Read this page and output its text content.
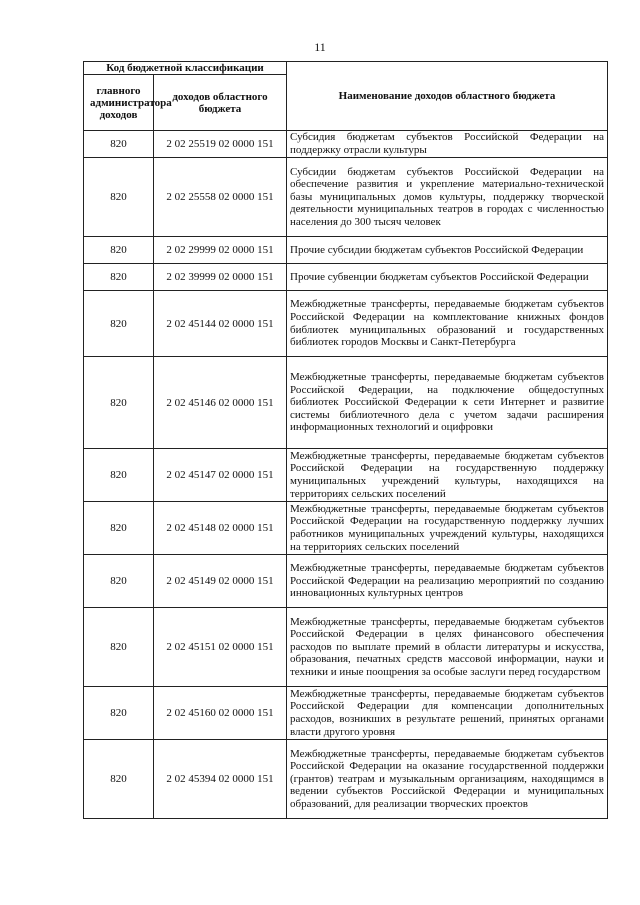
11
Код бюджетной классификации		Наименование доходов областного бюджета
главного администратора доходов	доходов областного бюджета	
820	2 02 25519 02 0000 151	Субсидия бюджетам субъектов Российской Федерации на поддержку отрасли культуры
820	2 02 25558 02 0000 151	Субсидии бюджетам субъектов Российской Федерации на обеспечение развития и укрепление материально-технической базы муниципальных домов культуры, поддержку творческой деятельности муниципальных театров в городах с численностью населения до 300 тысяч человек
820	2 02 29999 02 0000 151	Прочие субсидии бюджетам субъектов Российской Федерации
820	2 02 39999 02 0000 151	Прочие субвенции бюджетам субъектов Российской Федерации
820	2 02 45144 02 0000 151	Межбюджетные трансферты, передаваемые бюджетам субъектов Российской Федерации на комплектование книжных фондов библиотек муниципальных образований и государственных библиотек городов Москвы и Санкт-Петербурга
820	2 02 45146 02 0000 151	Межбюджетные трансферты, передаваемые бюджетам субъектов Российской Федерации, на подключение общедоступных библиотек Российской Федерации к сети Интернет и развитие системы библиотечного дела с учетом задачи расширения информационных технологий и оцифровки
820	2 02 45147 02 0000 151	Межбюджетные трансферты, передаваемые бюджетам субъектов Российской Федерации на государственную поддержку муниципальных учреждений культуры, находящихся на территориях сельских поселений
820	2 02 45148 02 0000 151	Межбюджетные трансферты, передаваемые бюджетам субъектов Российской Федерации на государственную поддержку лучших работников муниципальных учреждений культуры, находящихся на территориях сельских поселений
820	2 02 45149 02 0000 151	Межбюджетные трансферты, передаваемые бюджетам субъектов Российской Федерации на реализацию мероприятий по созданию инновационных культурных центров
820	2 02 45151 02 0000 151	Межбюджетные трансферты, передаваемые бюджетам субъектов Российской Федерации в целях финансового обеспечения расходов по выплате премий в области литературы и искусства, образования, печатных средств массовой информации, науки и техники и иные поощрения за особые заслуги перед государством
820	2 02 45160 02 0000 151	Межбюджетные трансферты, передаваемые бюджетам субъектов Российской Федерации для компенсации дополнительных расходов, возникших в результате решений, принятых органами власти другого уровня
820	2 02 45394 02 0000 151	Межбюджетные трансферты, передаваемые бюджетам субъектов Российской Федерации на оказание государственной поддержки (грантов) театрам и музыкальным организациям, находящимся в ведении субъектов Российской Федерации и муниципальных образований, для реализации творческих проектов
